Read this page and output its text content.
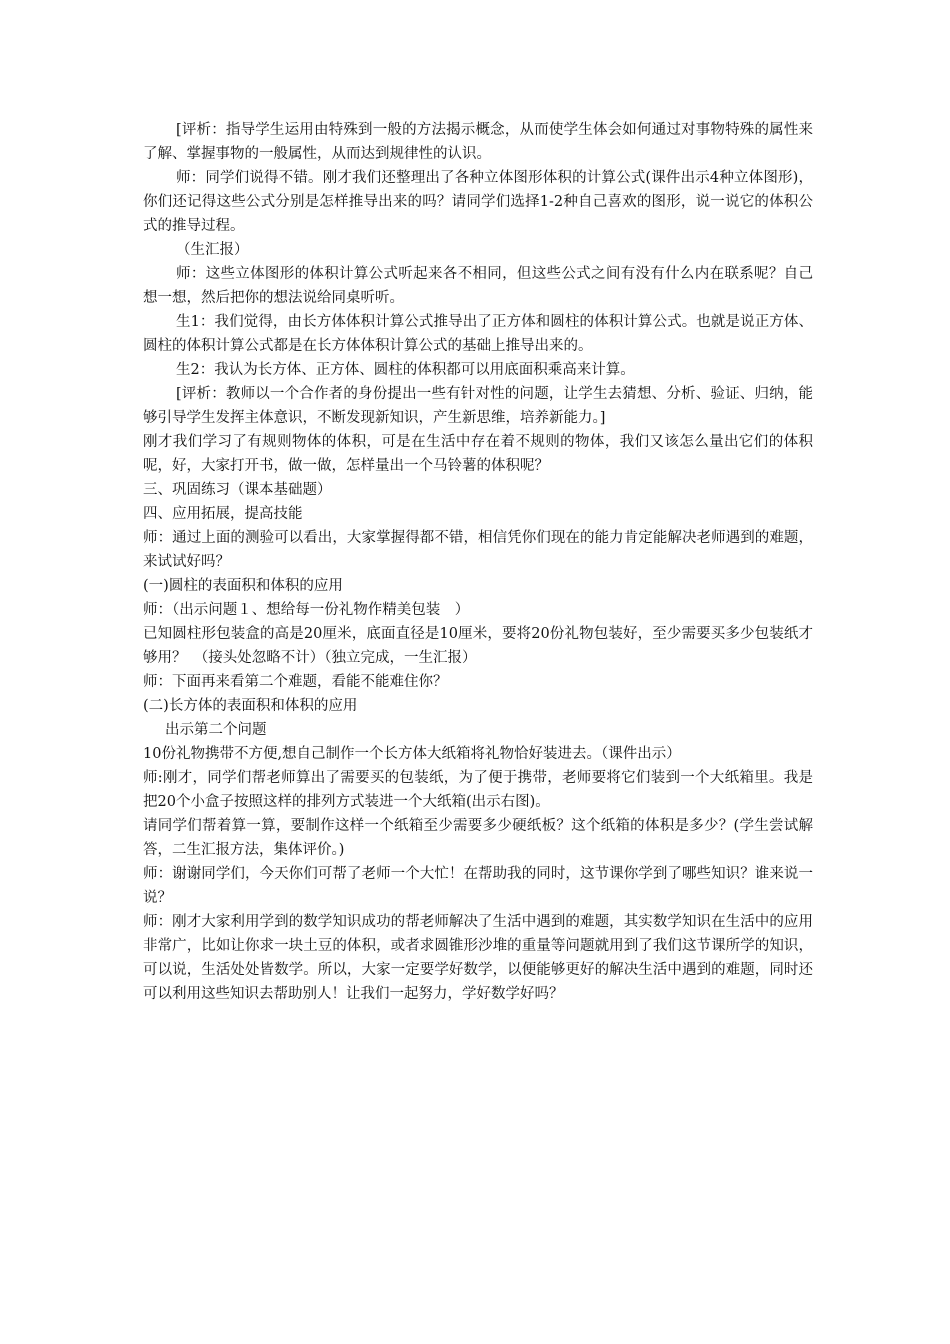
[评析：指导学生运用由特殊到一般的方法揭示概念，从而使学生体会如何通过对事物特殊的属性来了解、掌握事物的一般属性，从而达到规律性的认识。

师：同学们说得不错。刚才我们还整理出了各种立体图形体积的计算公式(课件出示4种立体图形)，你们还记得这些公式分别是怎样推导出来的吗？请同学们选择1-2种自己喜欢的图形，说一说它的体积公式的推导过程。

（生汇报）

师：这些立体图形的体积计算公式听起来各不相同，但这些公式之间有没有什么内在联系呢？自己想一想，然后把你的想法说给同桌听听。

生1：我们觉得，由长方体体积计算公式推导出了正方体和圆柱的体积计算公式。也就是说正方体、圆柱的体积计算公式都是在长方体体积计算公式的基础上推导出来的。

生2：我认为长方体、正方体、圆柱的体积都可以用底面积乘高来计算。

[评析：教师以一个合作者的身份提出一些有针对性的问题，让学生去猜想、分析、验证、归纳，能够引导学生发挥主体意识，不断发现新知识，产生新思维，培养新能力。]

刚才我们学习了有规则物体的体积，可是在生活中存在着不规则的物体，我们又该怎么量出它们的体积呢，好，大家打开书，做一做，怎样量出一个马铃薯的体积呢？

三、巩固练习（课本基础题）

四、应用拓展，提高技能

师：通过上面的测验可以看出，大家掌握得都不错，相信凭你们现在的能力肯定能解决老师遇到的难题，来试试好吗？

(一)圆柱的表面积和体积的应用

师：（出示问题１、想给每一份礼物作精美包装　）

已知圆柱形包装盒的高是20厘米，底面直径是10厘米，要将20份礼物包装好，至少需要买多少包装纸才够用？　（接头处忽略不计）（独立完成，一生汇报）

师：下面再来看第二个难题，看能不能难住你？

(二)长方体的表面积和体积的应用

出示第二个问题

10份礼物携带不方便,想自己制作一个长方体大纸箱将礼物恰好装进去。（课件出示）

师:刚才，同学们帮老师算出了需要买的包装纸，为了便于携带，老师要将它们装到一个大纸箱里。我是把20个小盒子按照这样的排列方式装进一个大纸箱(出示右图)。

请同学们帮着算一算，要制作这样一个纸箱至少需要多少硬纸板？这个纸箱的体积是多少？(学生尝试解答，二生汇报方法，集体评价。)

师：谢谢同学们，今天你们可帮了老师一个大忙！在帮助我的同时，这节课你学到了哪些知识？谁来说一说？

师：刚才大家利用学到的数学知识成功的帮老师解决了生活中遇到的难题，其实数学知识在生活中的应用非常广，比如让你求一块土豆的体积，或者求圆锥形沙堆的重量等问题就用到了我们这节课所学的知识，可以说，生活处处皆数学。所以，大家一定要学好数学，以便能够更好的解决生活中遇到的难题，同时还可以利用这些知识去帮助别人！让我们一起努力，学好数学好吗？
